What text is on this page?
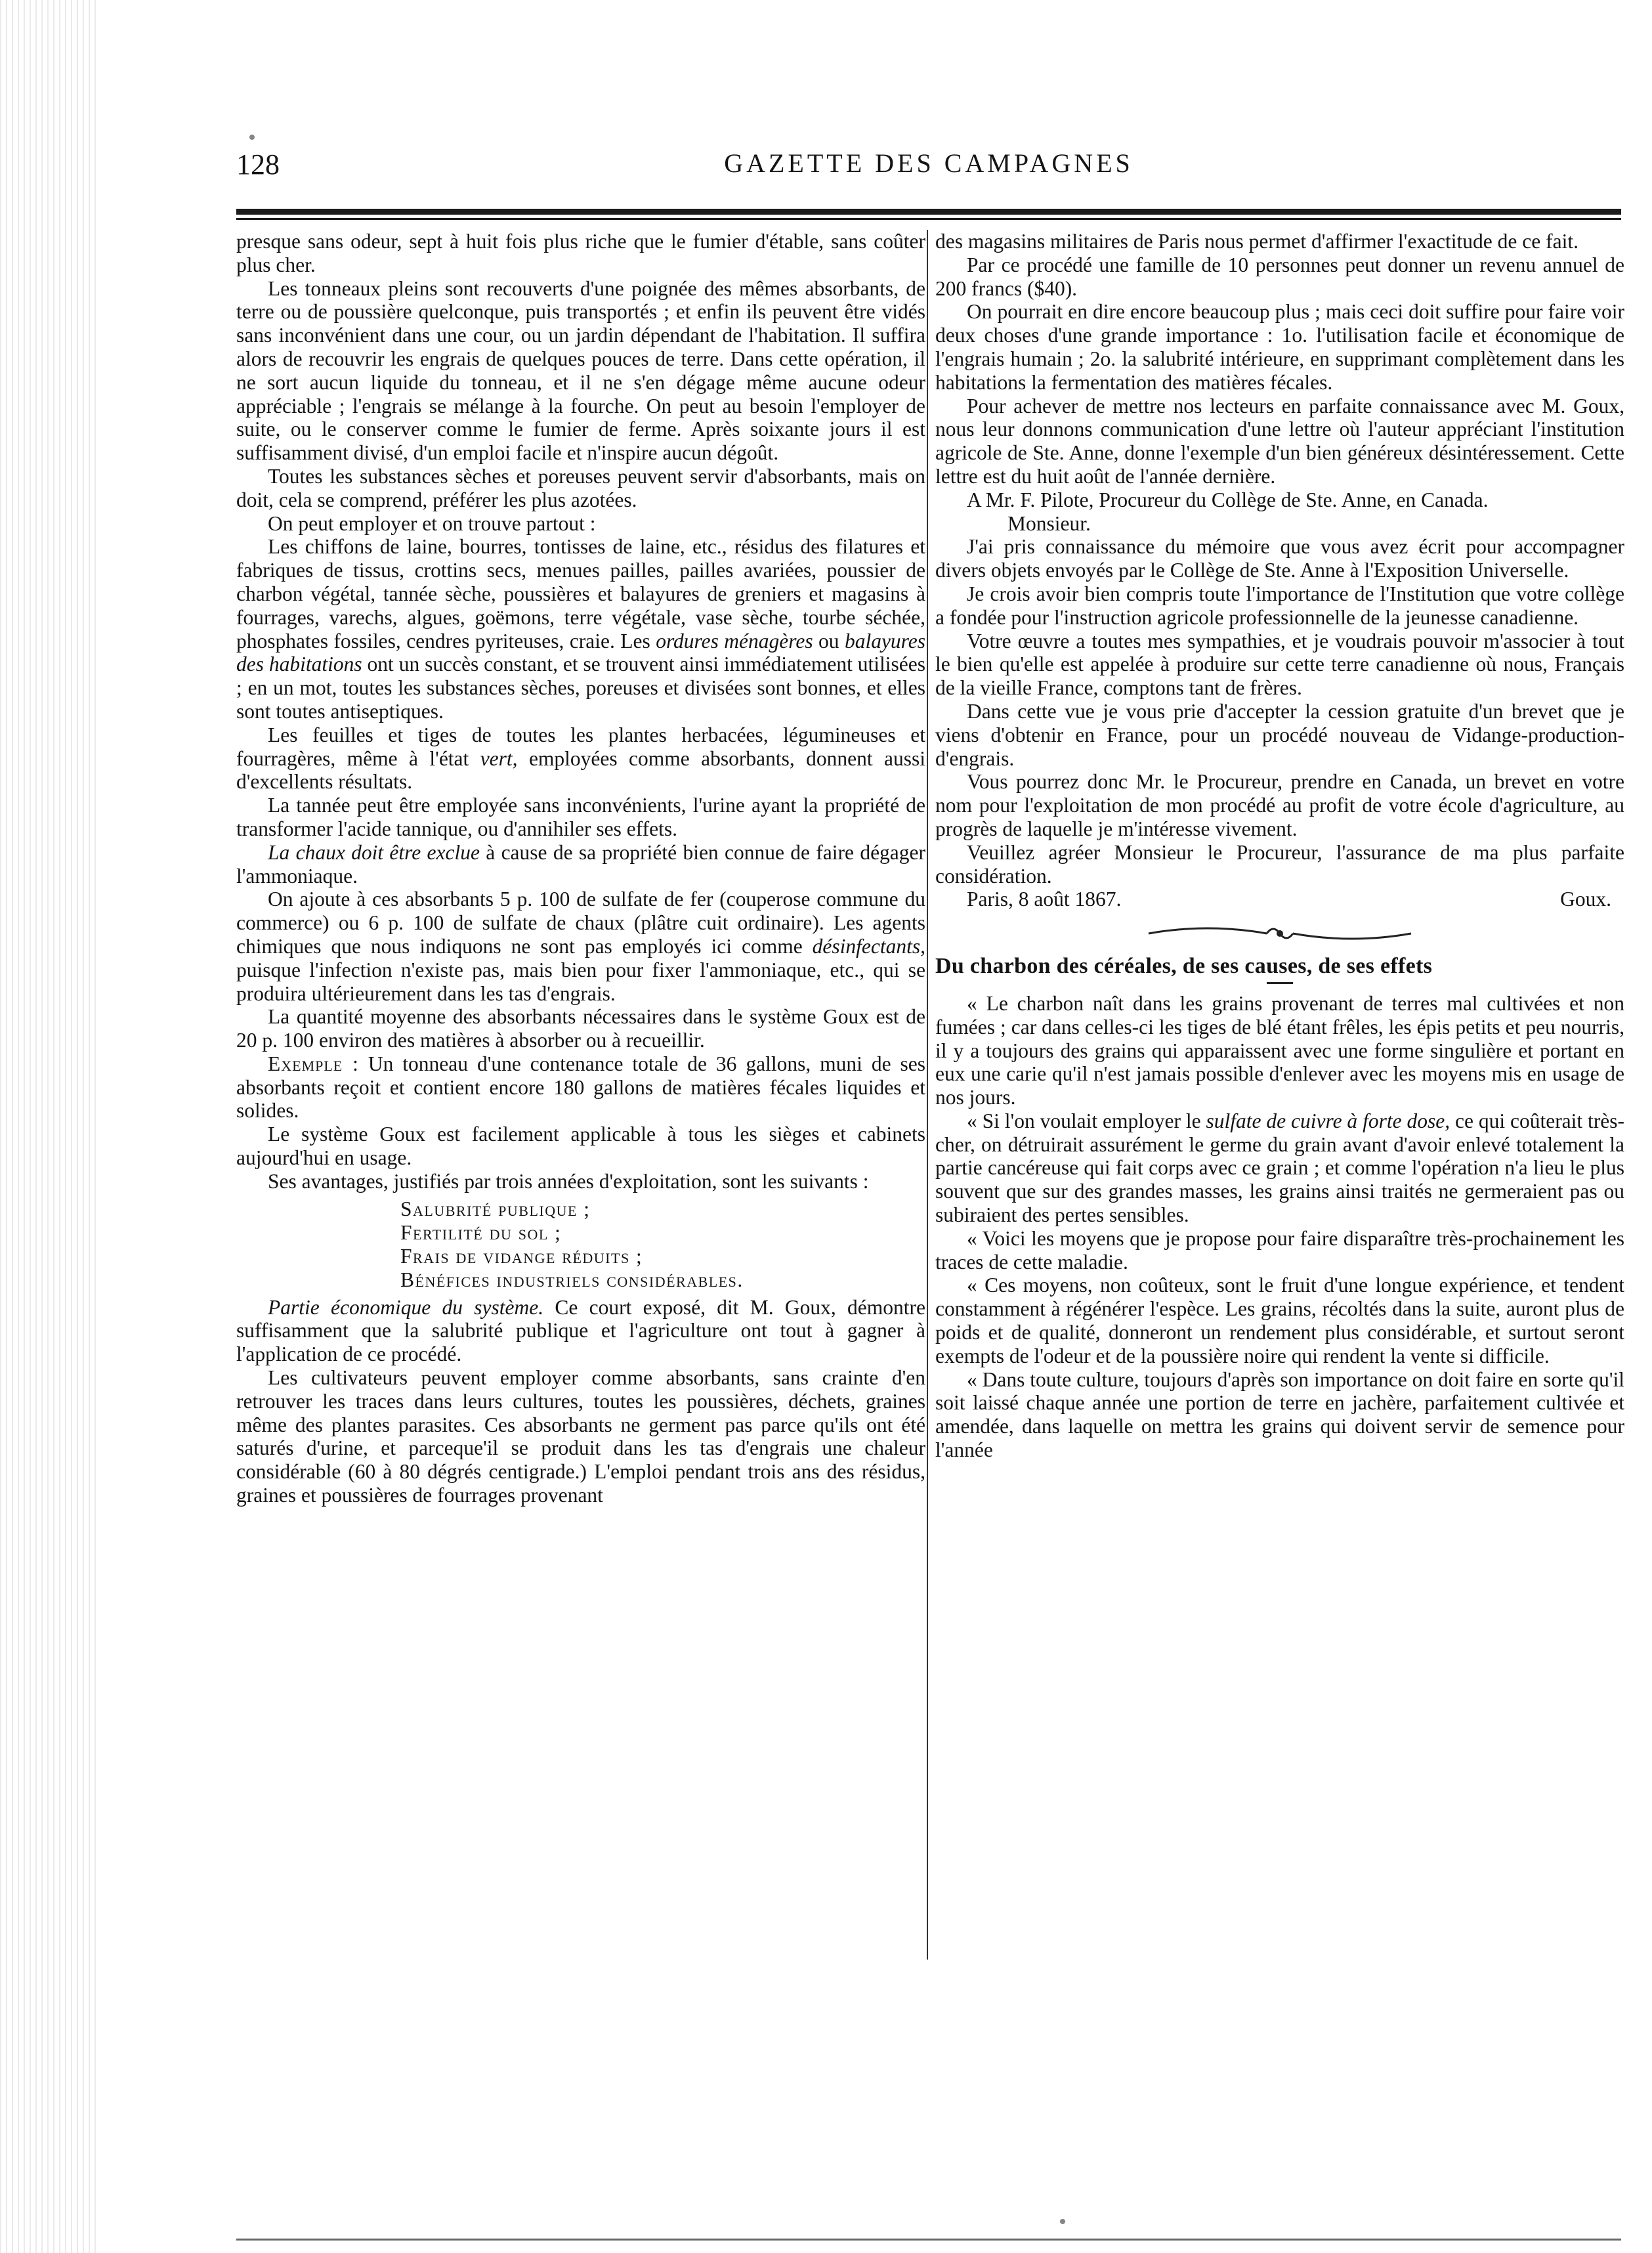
128	GAZETTE DES CAMPAGNES

presque sans odeur, sept à huit fois plus riche que le fumier d'étable, sans coûter plus cher.

Les tonneaux pleins sont recouverts d'une poignée des mêmes absorbants, de terre ou de poussière quelconque, puis transportés ; et enfin ils peuvent être vidés sans inconvénient dans une cour, ou un jardin dépendant de l'habitation. Il suffira alors de recouvrir les engrais de quelques pouces de terre. Dans cette opération, il ne sort aucun liquide du tonneau, et il ne s'en dégage même aucune odeur appréciable ; l'engrais se mélange à la fourche. On peut au besoin l'employer de suite, ou le conserver comme le fumier de ferme. Après soixante jours il est suffisamment divisé, d'un emploi facile et n'inspire aucun dégoût.

Toutes les substances sèches et poreuses peuvent servir d'absorbants, mais on doit, cela se comprend, préférer les plus azotées.

On peut employer et on trouve partout :

Les chiffons de laine, bourres, tontisses de laine, etc., résidus des filatures et fabriques de tissus, crottins secs, menues pailles, pailles avariées, poussier de charbon végétal, tannée sèche, poussières et balayures de greniers et magasins à fourrages, varechs, algues, goëmons, terre végétale, vase sèche, tourbe séchée, phosphates fossiles, cendres pyriteuses, craie. Les ordures ménagères ou balayures des habitations ont un succès constant, et se trouvent ainsi immédiatement utilisées ; en un mot, toutes les substances sèches, poreuses et divisées sont bonnes, et elles sont toutes antiseptiques.

Les feuilles et tiges de toutes les plantes herbacées, légumineuses et fourragères, même à l'état vert, employées comme absorbants, donnent aussi d'excellents résultats.

La tannée peut être employée sans inconvénients, l'urine ayant la propriété de transformer l'acide tannique, ou d'annihiler ses effets.

La chaux doit être exclue à cause de sa propriété bien connue de faire dégager l'ammoniaque.

On ajoute à ces absorbants 5 p. 100 de sulfate de fer (couperose commune du commerce) ou 6 p. 100 de sulfate de chaux (plâtre cuit ordinaire). Les agents chimiques que nous indiquons ne sont pas employés ici comme désinfectants, puisque l'infection n'existe pas, mais bien pour fixer l'ammoniaque, etc., qui se produira ultérieurement dans les tas d'engrais.

La quantité moyenne des absorbants nécessaires dans le système Goux est de 20 p. 100 environ des matières à absorber ou à recueillir.

Exemple : Un tonneau d'une contenance totale de 36 gallons, muni de ses absorbants reçoit et contient encore 180 gallons de matières fécales liquides et solides.

Le système Goux est facilement applicable à tous les sièges et cabinets aujourd'hui en usage.

Ses avantages, justifiés par trois années d'exploitation, sont les suivants :

Salubrité publique ;
Fertilité du sol ;
Frais de vidange réduits ;
Bénéfices industriels considérables.

Partie économique du système. Ce court exposé, dit M. Goux, démontre suffisamment que la salubrité publique et l'agriculture ont tout à gagner à l'application de ce procédé.

Les cultivateurs peuvent employer comme absorbants, sans crainte d'en retrouver les traces dans leurs cultures, toutes les poussières, déchets, graines même des plantes parasites. Ces absorbants ne germent pas parce qu'ils ont été saturés d'urine, et parceque'il se produit dans les tas d'engrais une chaleur considérable (60 à 80 dégrés centigrade.) L'emploi pendant trois ans des résidus, graines et poussières de fourrages provenant

des magasins militaires de Paris nous permet d'affirmer l'exactitude de ce fait.

Par ce procédé une famille de 10 personnes peut donner un revenu annuel de 200 francs ($40).

On pourrait en dire encore beaucoup plus ; mais ceci doit suffire pour faire voir deux choses d'une grande importance : 1o. l'utilisation facile et économique de l'engrais humain ; 2o. la salubrité intérieure, en supprimant complètement dans les habitations la fermentation des matières fécales.

Pour achever de mettre nos lecteurs en parfaite connaissance avec M. Goux, nous leur donnons communication d'une lettre où l'auteur appréciant l'institution agricole de Ste. Anne, donne l'exemple d'un bien généreux désintéressement. Cette lettre est du huit août de l'année dernière.

A Mr. F. Pilote, Procureur du Collège de Ste. Anne, en Canada.

Monsieur.

J'ai pris connaissance du mémoire que vous avez écrit pour accompagner divers objets envoyés par le Collège de Ste. Anne à l'Exposition Universelle.

Je crois avoir bien compris toute l'importance de l'Institution que votre collège a fondée pour l'instruction agricole professionnelle de la jeunesse canadienne.

Votre œuvre a toutes mes sympathies, et je voudrais pouvoir m'associer à tout le bien qu'elle est appelée à produire sur cette terre canadienne où nous, Français de la vieille France, comptons tant de frères.

Dans cette vue je vous prie d'accepter la cession gratuite d'un brevet que je viens d'obtenir en France, pour un procédé nouveau de Vidange-production-d'engrais.

Vous pourrez donc Mr. le Procureur, prendre en Canada, un brevet en votre nom pour l'exploitation de mon procédé au profit de votre école d'agriculture, au progrès de laquelle je m'intéresse vivement.

Veuillez agréer Monsieur le Procureur, l'assurance de ma plus parfaite considération.

Paris, 8 août 1867.	Goux.
Du charbon des céréales, de ses causes, de ses effets

« Le charbon naît dans les grains provenant de terres mal cultivées et non fumées ; car dans celles-ci les tiges de blé étant frêles, les épis petits et peu nourris, il y a toujours des grains qui apparaissent avec une forme singulière et portant en eux une carie qu'il n'est jamais possible d'enlever avec les moyens mis en usage de nos jours.

« Si l'on voulait employer le sulfate de cuivre à forte dose, ce qui coûterait très-cher, on détruirait assurément le germe du grain avant d'avoir enlevé totalement la partie cancéreuse qui fait corps avec ce grain ; et comme l'opération n'a lieu le plus souvent que sur des grandes masses, les grains ainsi traités ne germeraient pas ou subiraient des pertes sensibles.

« Voici les moyens que je propose pour faire disparaître très-prochainement les traces de cette maladie.

« Ces moyens, non coûteux, sont le fruit d'une longue expérience, et tendent constamment à régénérer l'espèce. Les grains, récoltés dans la suite, auront plus de poids et de qualité, donneront un rendement plus considérable, et surtout seront exempts de l'odeur et de la poussière noire qui rendent la vente si difficile.

« Dans toute culture, toujours d'après son importance on doit faire en sorte qu'il soit laissé chaque année une portion de terre en jachère, parfaitement cultivée et amendée, dans laquelle on mettra les grains qui doivent servir de semence pour l'année
